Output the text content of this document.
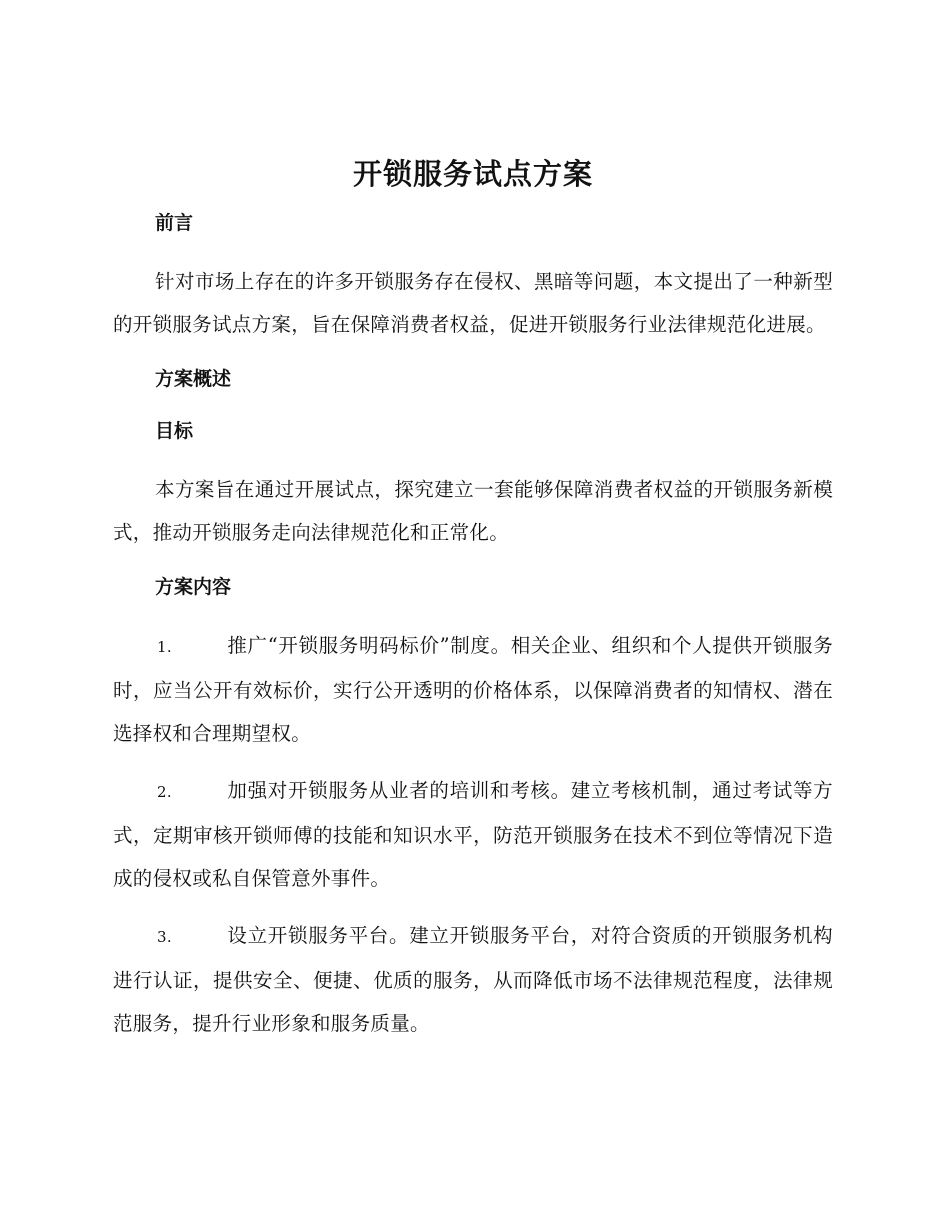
开锁服务试点方案
前言

针对市场上存在的许多开锁服务存在侵权、黑暗等问题，本文提出了一种新型的开锁服务试点方案，旨在保障消费者权益，促进开锁服务行业法律规范化进展。

方案概述
目标

本方案旨在通过开展试点，探究建立一套能够保障消费者权益的开锁服务新模式，推动开锁服务走向法律规范化和正常化。

方案内容

1.	推广“开锁服务明码标价”制度。相关企业、组织和个人提供开锁服务时，应当公开有效标价，实行公开透明的价格体系，以保障消费者的知情权、潜在选择权和合理期望权。

2.	加强对开锁服务从业者的培训和考核。建立考核机制，通过考试等方式，定期审核开锁师傅的技能和知识水平，防范开锁服务在技术不到位等情况下造成的侵权或私自保管意外事件。

3.	设立开锁服务平台。建立开锁服务平台，对符合资质的开锁服务机构进行认证，提供安全、便捷、优质的服务，从而降低市场不法律规范程度，法律规范服务，提升行业形象和服务质量。
